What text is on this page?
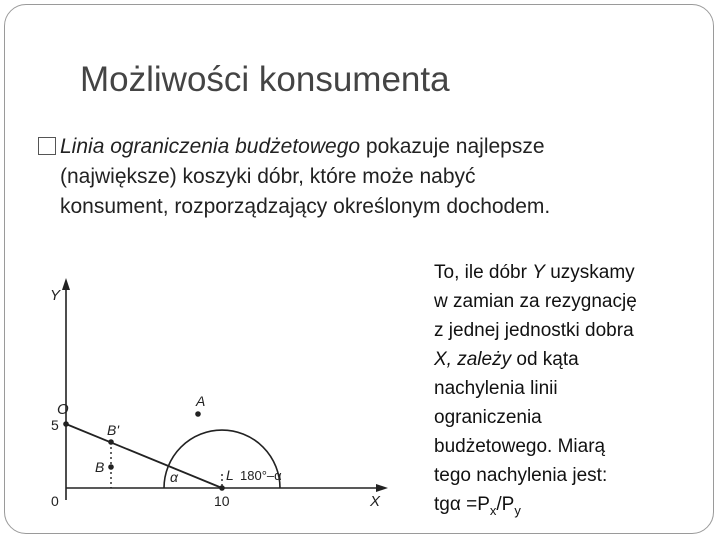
Możliwości konsumenta
Linia ograniczenia budżetowego pokazuje najlepsze
(największe) koszyki dóbr, które może nabyć
konsument, rozporządzający określonym dochodem.
Y
X
0
5
10
O	A
B'
B	L
α	180°–α
To, ile dóbr Y uzyskamy
w zamian za rezygnację
z jednej jednostki dobra
X, zależy od kąta
nachylenia linii
ograniczenia
budżetowego. Miarą
tego nachylenia jest:
$tg\alpha =P_x/P_y$
